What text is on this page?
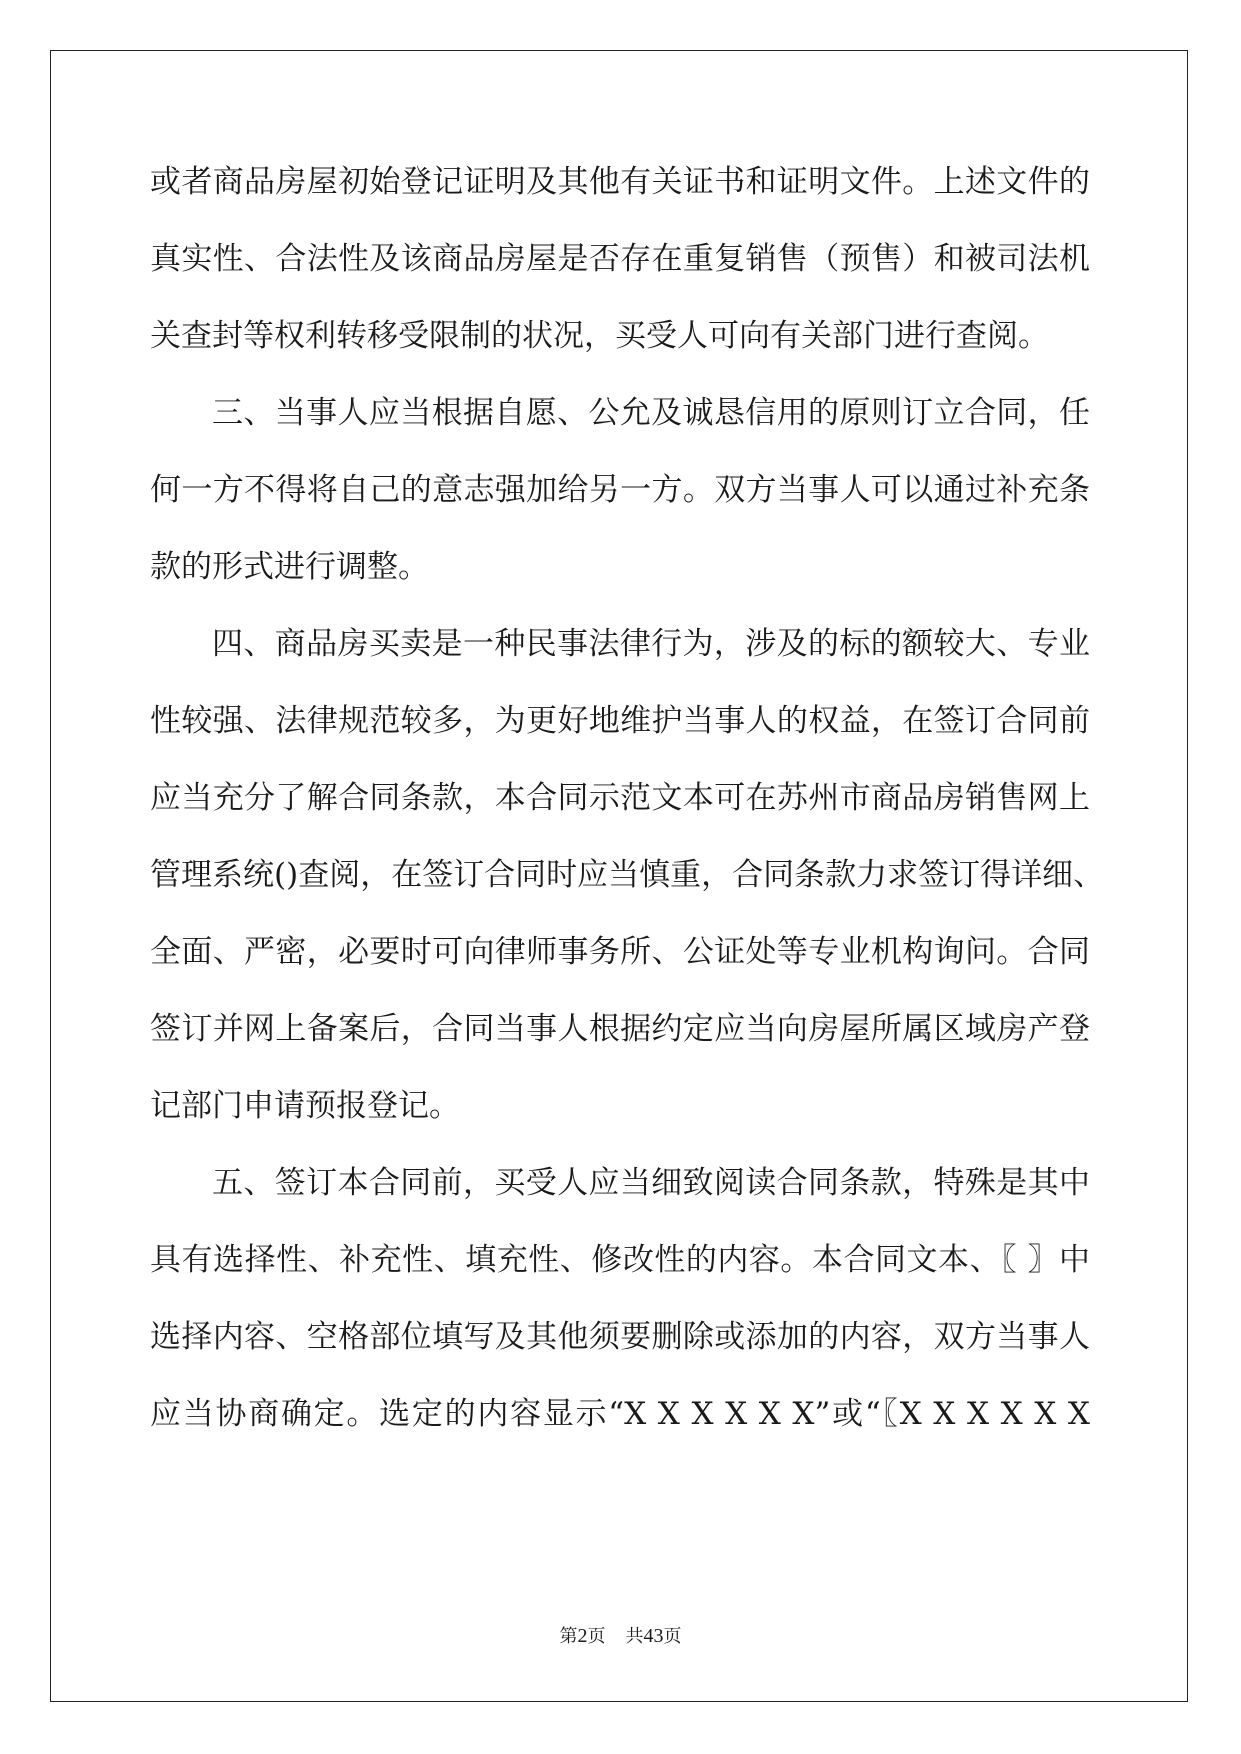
或者商品房屋初始登记证明及其他有关证书和证明文件。上述文件的
真实性、合法性及该商品房屋是否存在重复销售（预售）和被司法机
关查封等权利转移受限制的状况，买受人可向有关部门进行查阅。
三、当事人应当根据自愿、公允及诚恳信用的原则订立合同，任
何一方不得将自己的意志强加给另一方。双方当事人可以通过补充条
款的形式进行调整。
四、商品房买卖是一种民事法律行为，涉及的标的额较大、专业
性较强、法律规范较多，为更好地维护当事人的权益，在签订合同前
应当充分了解合同条款，本合同示范文本可在苏州市商品房销售网上
管理系统()查阅，在签订合同时应当慎重，合同条款力求签订得详细、
全面、严密，必要时可向律师事务所、公证处等专业机构询问。合同
签订并网上备案后，合同当事人根据约定应当向房屋所属区域房产登
记部门申请预报登记。
五、签订本合同前，买受人应当细致阅读合同条款，特殊是其中
具有选择性、补充性、填充性、修改性的内容。本合同文本、〖 〗中
选择内容、空格部位填写及其他须要删除或添加的内容，双方当事人
应当协商确定。选定的内容显示“X X X X X X”或“〖X X X X X X
第2页 共43页
